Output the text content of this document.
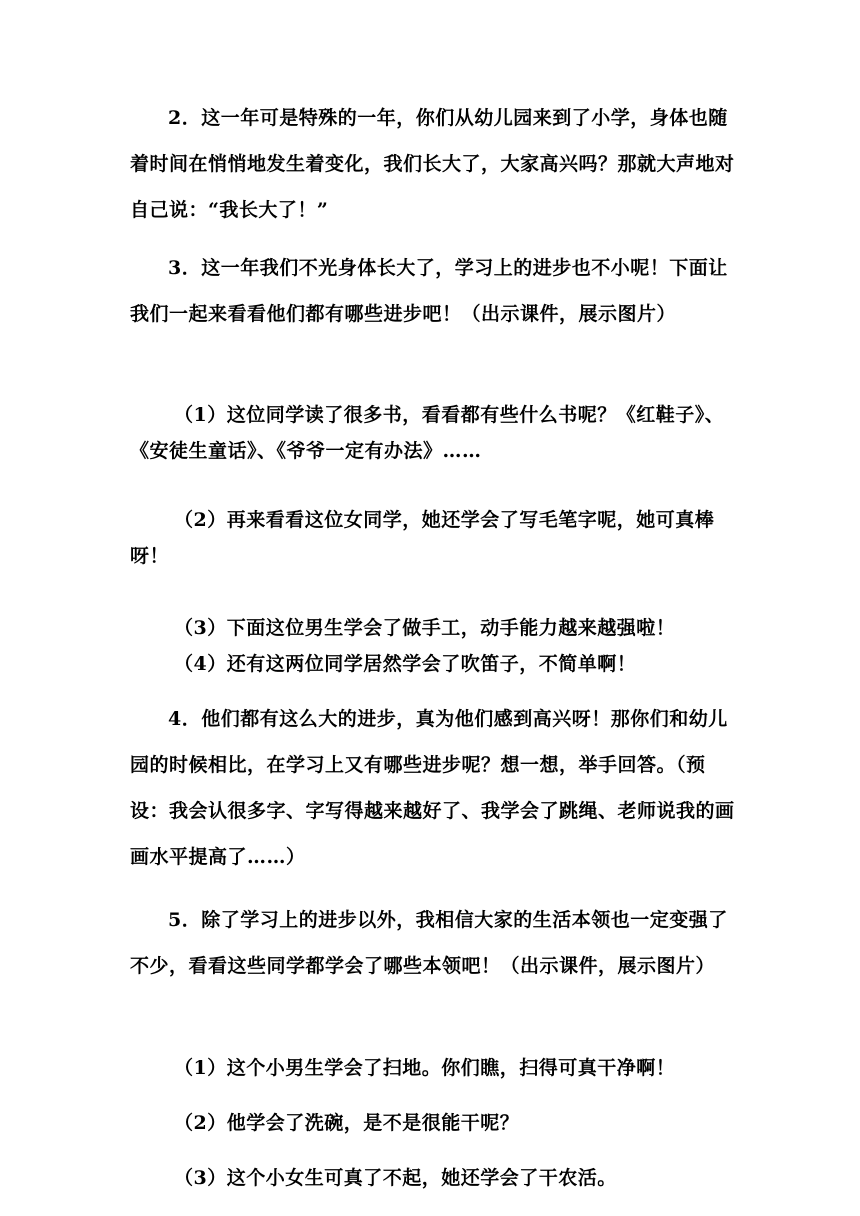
2．这一年可是特殊的一年，你们从幼儿园来到了小学，身体也随着时间在悄悄地发生着变化，我们长大了，大家高兴吗？那就大声地对自己说：“我长大了！”

3．这一年我们不光身体长大了，学习上的进步也不小呢！下面让我们一起来看看他们都有哪些进步吧！（出示课件，展示图片）

（1）这位同学读了很多书，看看都有些什么书呢？《红鞋子》、《安徒生童话》、《爷爷一定有办法》……

（2）再来看看这位女同学，她还学会了写毛笔字呢，她可真棒呀！

（3）下面这位男生学会了做手工，动手能力越来越强啦！

（4）还有这两位同学居然学会了吹笛子，不简单啊！

4．他们都有这么大的进步，真为他们感到高兴呀！那你们和幼儿园的时候相比，在学习上又有哪些进步呢？想一想，举手回答。（预设：我会认很多字、字写得越来越好了、我学会了跳绳、老师说我的画画水平提高了……）

5．除了学习上的进步以外，我相信大家的生活本领也一定变强了不少，看看这些同学都学会了哪些本领吧！（出示课件，展示图片）

（1）这个小男生学会了扫地。你们瞧，扫得可真干净啊！

（2）他学会了洗碗，是不是很能干呢？

（3）这个小女生可真了不起，她还学会了干农活。
